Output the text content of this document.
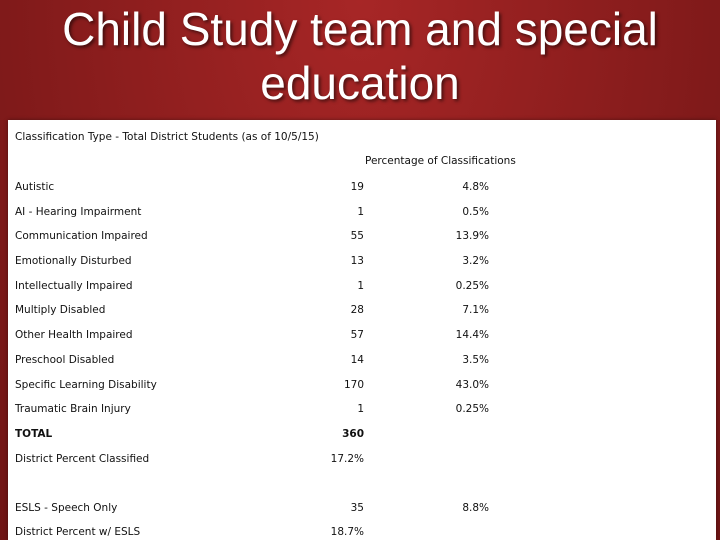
Child Study team and special
education
Classification Type - Total District Students (as of 10/5/15)
Percentage of Classifications
Autistic	19	4.8%
AI - Hearing Impairment	1	0.5%
Communication Impaired	55	13.9%
Emotionally Disturbed	13	3.2%
Intellectually Impaired	1	0.25%
Multiply Disabled	28	7.1%
Other Health Impaired	57	14.4%
Preschool Disabled	14	3.5%
Specific Learning Disability	170	43.0%
Traumatic Brain Injury	1	0.25%
TOTAL	360
District Percent Classified	17.2%
ESLS - Speech Only	35	8.8%
District Percent w/ ESLS	18.7%
